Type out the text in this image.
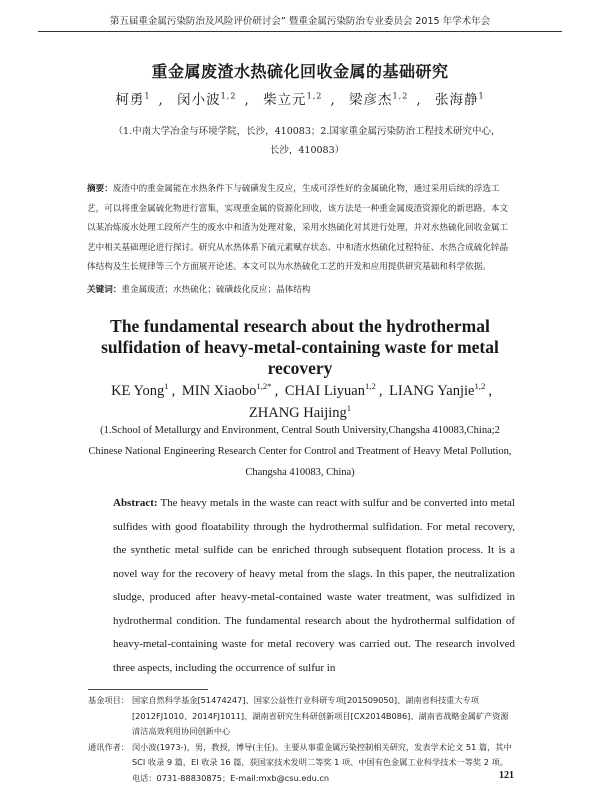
第五届重金属污染防治及风险评价研讨会” 暨重金属污染防治专业委员会 2015 年学术年会
重金属废渣水热硫化回收金属的基础研究
柯勇$^1$ , 闵小波$^{1,2}$ , 柴立元$^{1,2}$ , 梁彦杰$^{1,2}$ , 张海静$^1$
（1.中南大学冶金与环境学院，长沙，410083；2.国家重金属污染防治工程技术研究中心，长沙，410083）
摘要：废渣中的重金属能在水热条件下与硫磺发生反应，生成可浮性好的金属硫化物，通过采用后续的浮选工艺，可以将重金属硫化物进行富集，实现重金属的资源化回收，该方法是一种重金属废渣资源化的新思路。本文以某冶炼废水处理工段所产生的废水中和渣为处理对象，采用水热硫化对其进行处理，并对水热硫化回收金属工艺中相关基础理论进行探讨。研究从水热体系下硫元素赋存状态、中和渣水热硫化过程特征、水热合成硫化锌晶体结构及生长规律等三个方面展开论述。本文可以为水热硫化工艺的开发和应用提供研究基础和科学依据。
关键词：重金属废渣；水热硫化；硫磺歧化反应；晶体结构
The fundamental research about the hydrothermal sulfidation of heavy-metal-containing waste for metal recovery
KE Yong$^1$ , MIN Xiaobo$^{1,2*}$ , CHAI Liyuan$^{1,2}$ , LIANG Yanjie$^{1,2}$ ,
ZHANG Haijing$^1$
(1.School of Metallurgy and Environment, Central South University,Changsha 410083,China;2 Chinese National Engineering Research Center for Control and Treatment of Heavy Metal Pollution, Changsha 410083, China)
Abstract: The heavy metals in the waste can react with sulfur and be converted into metal sulfides with good floatability through the hydrothermal sulfidation. For metal recovery, the synthetic metal sulfide can be enriched through subsequent flotation process. It is a novel way for the recovery of heavy metal from the slags. In this paper, the neutralization sludge, produced after heavy-metal-contained waste water treatment, was sulfidized in hydrothermal condition. The fundamental research about the hydrothermal sulfidation of heavy-metal-containing waste for metal recovery was carried out. The research involved three aspects, including the occurrence of sulfur in
基金项目： 国家自然科学基金[51474247]、国家公益性行业科研专项[201509050]、湖南省科技重大专项[2012FJ1010、2014FJ1011]、湖南省研究生科研创新项目[CX2014B086]、湖南省战略金属矿产资源清洁高效利用协同创新中心
通讯作者： 闵小波(1973-)，男，教授，博导(主任)。主要从事重金属污染控制相关研究，发表学术论文 51 篇，其中 SCI 收录 9 篇，EI 收录 16 篇，获国家技术发明二等奖 1 项、中国有色金属工业科学技术一等奖 2 项。电话：0731-88830875；E-mail:mxb@csu.edu.cn	121
